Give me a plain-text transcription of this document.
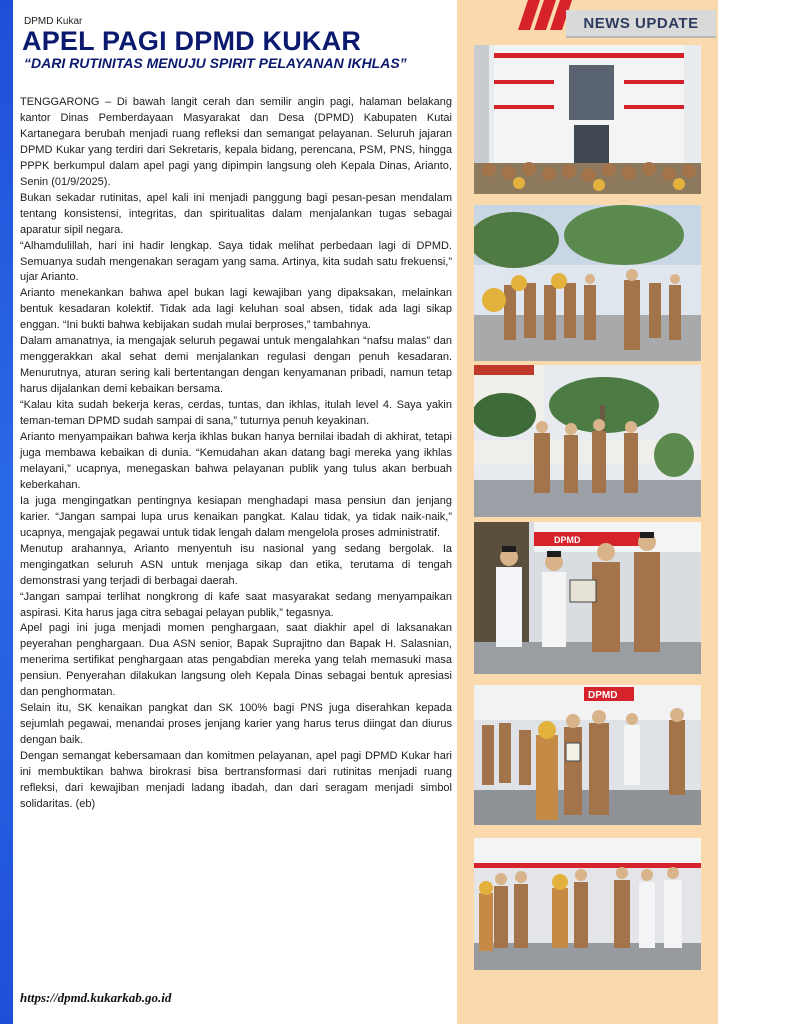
NEWS UPDATE
DPMD Kukar
APEL PAGI DPMD KUKAR
“DARI RUTINITAS MENUJU SPIRIT PELAYANAN IKHLAS”

TENGGARONG – Di bawah langit cerah dan semilir angin pagi, halaman belakang kantor Dinas Pemberdayaan Masyarakat dan Desa (DPMD) Kabupaten Kutai Kartanegara berubah menjadi ruang refleksi dan semangat pelayanan. Seluruh jajaran DPMD Kukar yang terdiri dari Sekretaris, kepala bidang, perencana, PSM, PNS, hingga PPPK berkumpul dalam apel pagi yang dipimpin langsung oleh Kepala Dinas, Arianto, Senin (01/9/2025).

Bukan sekadar rutinitas, apel kali ini menjadi panggung bagi pesan-pesan mendalam tentang konsistensi, integritas, dan spiritualitas dalam menjalankan tugas sebagai aparatur sipil negara.

“Alhamdulillah, hari ini hadir lengkap. Saya tidak melihat perbedaan lagi di DPMD. Semuanya sudah mengenakan seragam yang sama. Artinya, kita sudah satu frekuensi,” ujar Arianto.

Arianto menekankan bahwa apel bukan lagi kewajiban yang dipaksakan, melainkan bentuk kesadaran kolektif. Tidak ada lagi keluhan soal absen, tidak ada lagi sikap enggan. “Ini bukti bahwa kebijakan sudah mulai berproses,” tambahnya.

Dalam amanatnya, ia mengajak seluruh pegawai untuk mengalahkan “nafsu malas” dan menggerakkan akal sehat demi menjalankan regulasi dengan penuh kesadaran. Menurutnya, aturan sering kali bertentangan dengan kenyamanan pribadi, namun tetap harus dijalankan demi kebaikan bersama.

“Kalau kita sudah bekerja keras, cerdas, tuntas, dan ikhlas, itulah level 4. Saya yakin teman-teman DPMD sudah sampai di sana,” tuturnya penuh keyakinan.

Arianto menyampaikan bahwa kerja ikhlas bukan hanya bernilai ibadah di akhirat, tetapi juga membawa kebaikan di dunia. “Kemudahan akan datang bagi mereka yang ikhlas melayani,” ucapnya, menegaskan bahwa pelayanan publik yang tulus akan berbuah keberkahan.

Ia juga mengingatkan pentingnya kesiapan menghadapi masa pensiun dan jenjang karier. “Jangan sampai lupa urus kenaikan pangkat. Kalau tidak, ya tidak naik-naik,” ucapnya, mengajak pegawai untuk tidak lengah dalam mengelola proses administratif.

Menutup arahannya, Arianto menyentuh isu nasional yang sedang bergolak. Ia mengingatkan seluruh ASN untuk menjaga sikap dan etika, terutama di tengah demonstrasi yang terjadi di berbagai daerah.

“Jangan sampai terlihat nongkrong di kafe saat masyarakat sedang menyampaikan aspirasi. Kita harus jaga citra sebagai pelayan publik,” tegasnya.

Apel pagi ini juga menjadi momen penghargaan, saat diakhir apel di laksanakan peyerahan penghargaan. Dua ASN senior, Bapak Suprajitno dan Bapak H. Salasnian, menerima sertifikat penghargaan atas pengabdian mereka yang telah memasuki masa pensiun. Penyerahan dilakukan langsung oleh Kepala Dinas sebagai bentuk apresiasi dan penghormatan.

Selain itu, SK kenaikan pangkat dan SK 100% bagi PNS juga diserahkan kepada sejumlah pegawai, menandai proses jenjang karier yang harus terus diingat dan diurus dengan baik.

Dengan semangat kebersamaan dan komitmen pelayanan, apel pagi DPMD Kukar hari ini membuktikan bahwa birokrasi bisa bertransformasi dari rutinitas menjadi ruang refleksi, dari kewajiban menjadi ladang ibadah, dan dari seragam menjadi simbol solidaritas. (eb)

https://dpmd.kukarkab.go.id
DPMD
DPMD
